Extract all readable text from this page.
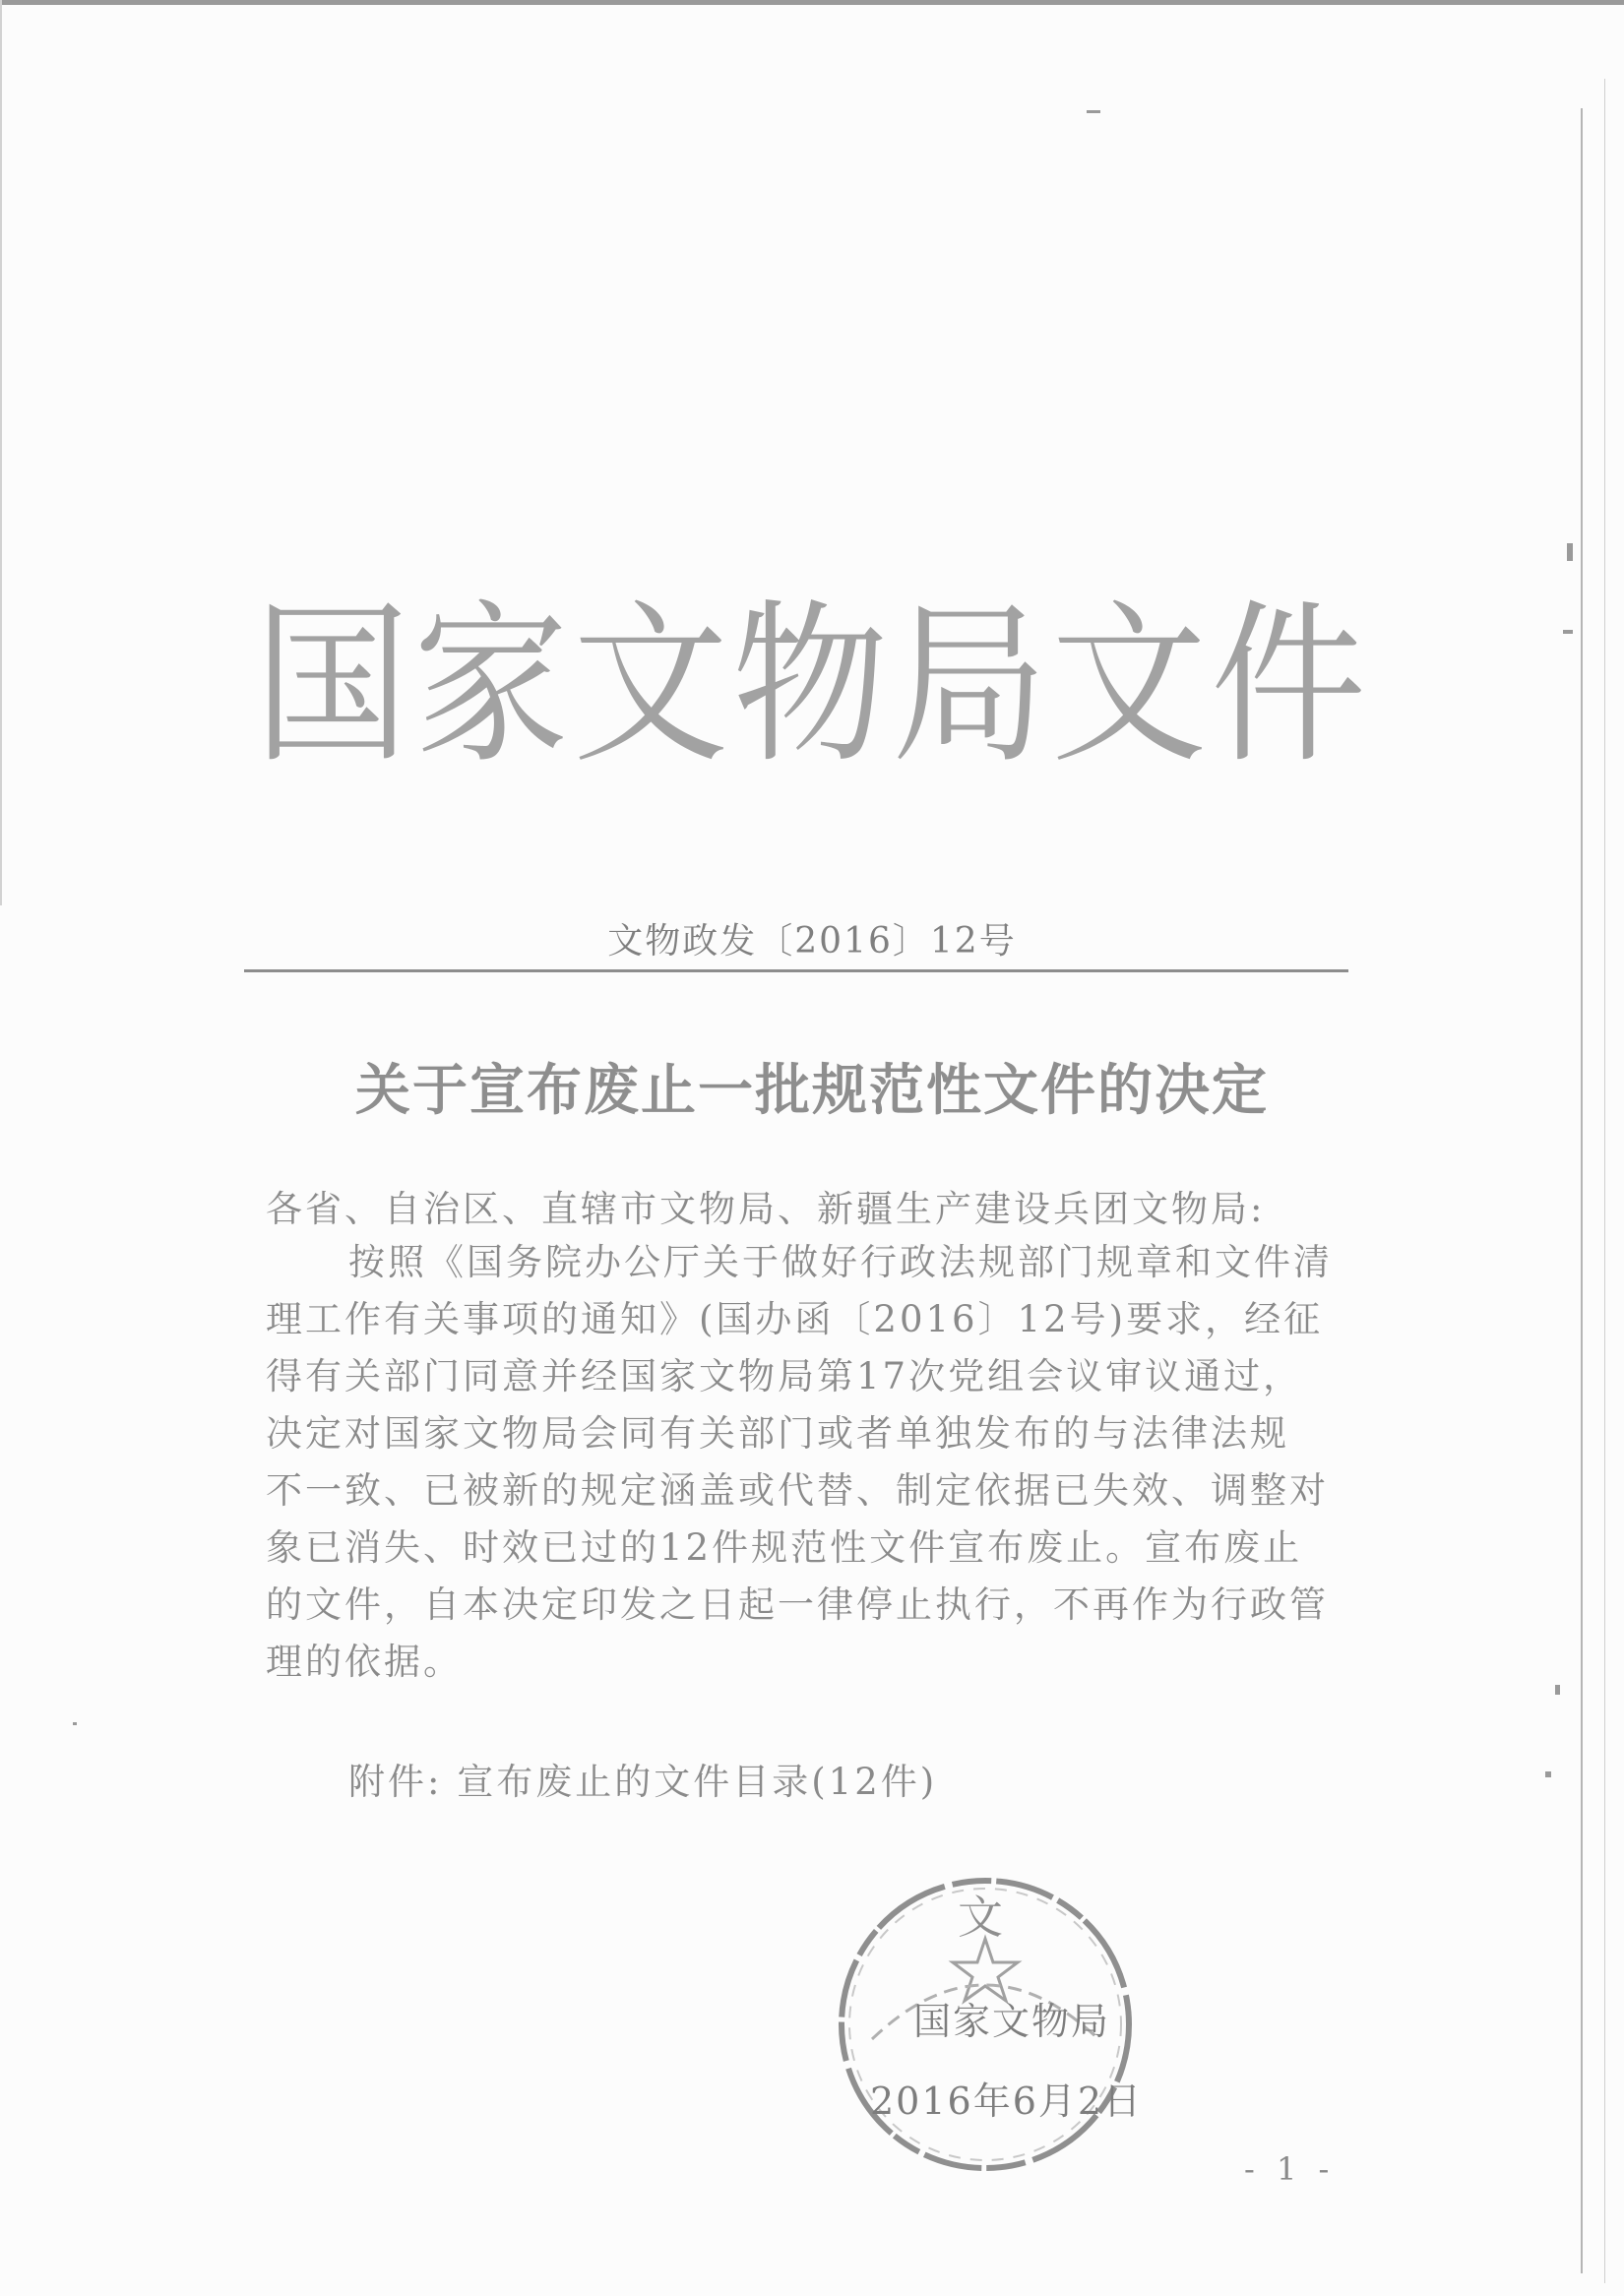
国家文物局文件
文物政发〔2016〕12号
关于宣布废止一批规范性文件的决定
各省、自治区、直辖市文物局、新疆生产建设兵团文物局:
按照《国务院办公厅关于做好行政法规部门规章和文件清
理工作有关事项的通知》(国办函〔2016〕12号)要求，经征
得有关部门同意并经国家文物局第17次党组会议审议通过，
决定对国家文物局会同有关部门或者单独发布的与法律法规
不一致、已被新的规定涵盖或代替、制定依据已失效、调整对
象已消失、时效已过的12件规范性文件宣布废止。宣布废止
的文件，自本决定印发之日起一律停止执行，不再作为行政管
理的依据。
附件: 宣布废止的文件目录(12件)
文
国家文物局
2016年6月2日
- 1 -
